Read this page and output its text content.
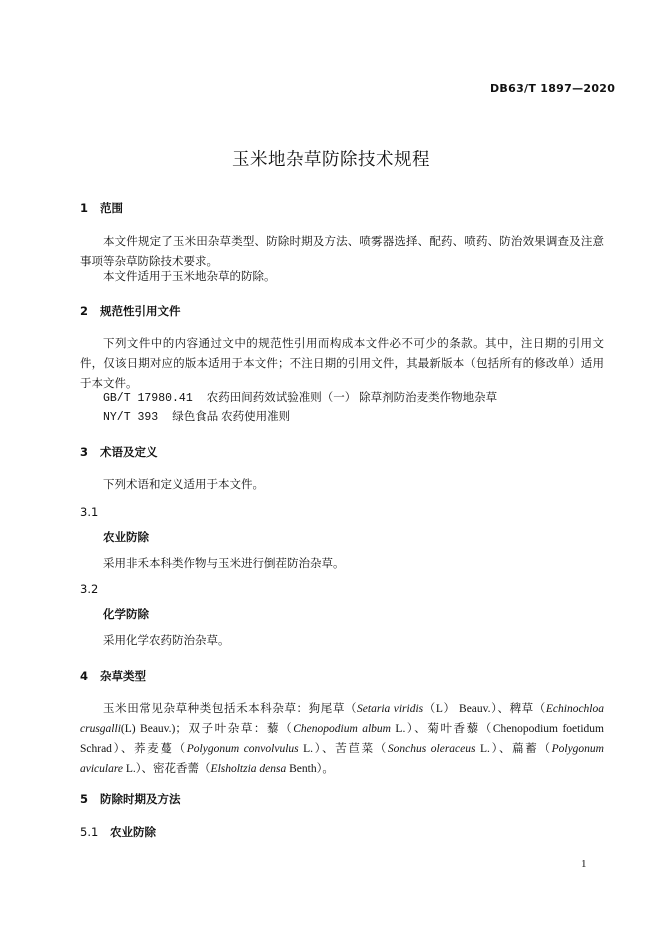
DB63/T 1897—2020
玉米地杂草防除技术规程
1 范围
本文件规定了玉米田杂草类型、防除时期及方法、喷雾器选择、配药、喷药、防治效果调查及注意事项等杂草防除技术要求。
本文件适用于玉米地杂草的防除。
2 规范性引用文件
下列文件中的内容通过文中的规范性引用而构成本文件必不可少的条款。其中，注日期的引用文件，仅该日期对应的版本适用于本文件；不注日期的引用文件，其最新版本（包括所有的修改单）适用于本文件。
GB/T 17980.41 农药田间药效试验准则（一） 除草剂防治麦类作物地杂草
NY/T 393 绿色食品 农药使用准则
3 术语及定义
下列术语和定义适用于本文件。
3.1
农业防除
采用非禾本科类作物与玉米进行倒茬防治杂草。
3.2
化学防除
采用化学农药防治杂草。
4 杂草类型
玉米田常见杂草种类包括禾本科杂草：狗尾草（Setaria viridis（L） Beauv.）、稗草（Echinochloa crusgalli(L) Beauv.)；双子叶杂草：藜（Chenopodium album L.）、菊叶香藜（Chenopodium foetidum Schrad）、荞麦蔓（Polygonum convolvulus L.）、苦苣菜（Sonchus oleraceus L.）、萹蓄（Polygonum aviculare L.）、密花香薷（Elsholtzia densa Benth）。
5 防除时期及方法
5.1 农业防除
1
